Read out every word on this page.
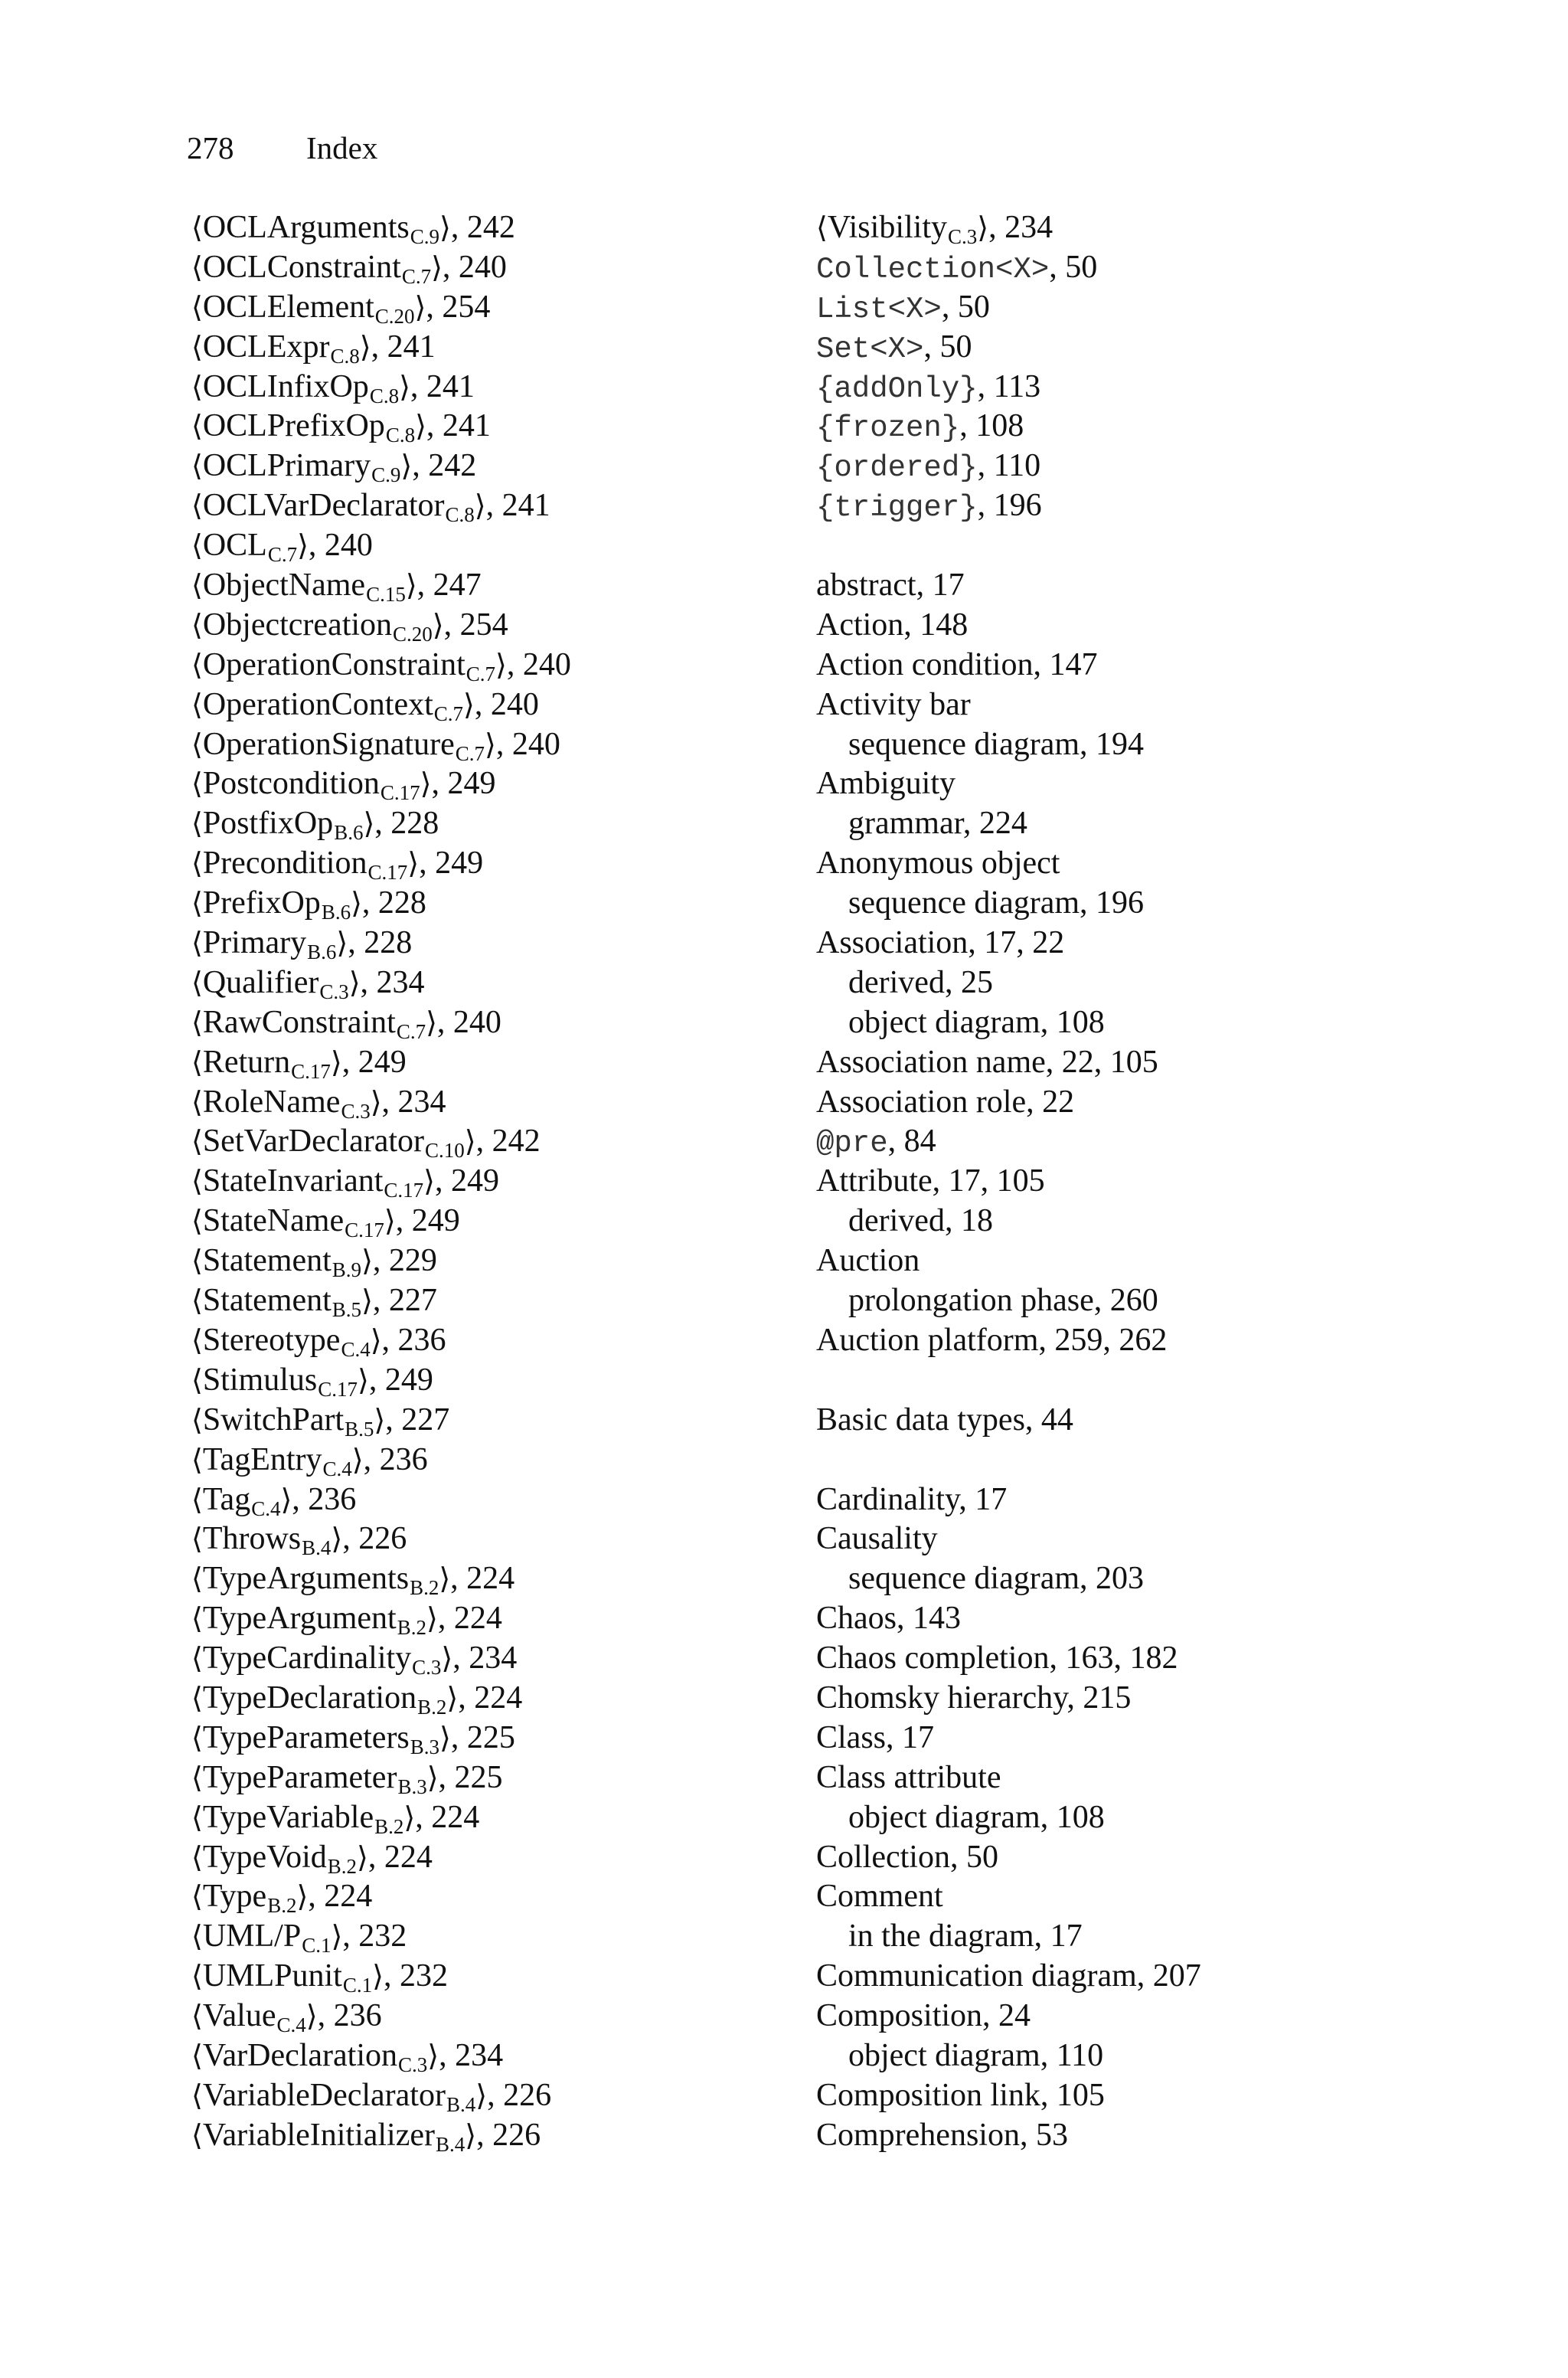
278 Index
⟨OCLArguments$_{C.9}$⟩, 242
⟨OCLConstraint$_{C.7}$⟩, 240
⟨OCLElement$_{C.20}$⟩, 254
⟨OCLExpr$_{C.8}$⟩, 241
⟨OCLInfixOp$_{C.8}$⟩, 241
⟨OCLPrefixOp$_{C.8}$⟩, 241
⟨OCLPrimary$_{C.9}$⟩, 242
⟨OCLVarDeclarator$_{C.8}$⟩, 241
$⟨OCL_{C.7}⟩$, 240
⟨ObjectName$_{C.15}$⟩, 247
⟨Objectcreation$_{C.20}$⟩, 254
⟨OperationConstraint$_{C.7}$⟩, 240
⟨OperationContext$_{C.7}$⟩, 240
⟨OperationSignature$_{C.7}$⟩, 240
⟨Postcondition$_{C.17}$⟩, 249
⟨PostfixOp$_{B.6}$⟩, 228
⟨Precondition$_{C.17}$⟩, 249
⟨PrefixOp$_{B.6}$⟩, 228
⟨Primary$_{B.6}$⟩, 228
⟨Qualifier$_{C.3}$⟩, 234
⟨RawConstraint$_{C.7}$⟩, 240
⟨Return$_{C.17}$⟩, 249
⟨RoleName$_{C.3}$⟩, 234
⟨SetVarDeclarator$_{C.10}$⟩, 242
⟨StateInvariant$_{C.17}$⟩, 249
⟨StateName$_{C.17}$⟩, 249
⟨Statement$_{B.9}$⟩, 229
⟨Statement$_{B.5}$⟩, 227
⟨Stereotype$_{C.4}$⟩, 236
⟨Stimulus$_{C.17}$⟩, 249
⟨SwitchPart$_{B.5}$⟩, 227
⟨TagEntry$_{C.4}$⟩, 236
⟨Tag$_{C.4}$⟩, 236
⟨Throws$_{B.4}$⟩, 226
⟨TypeArguments$_{B.2}$⟩, 224
⟨TypeArgument$_{B.2}$⟩, 224
⟨TypeCardinality$_{C.3}$⟩, 234
⟨TypeDeclaration$_{B.2}$⟩, 224
⟨TypeParameters$_{B.3}$⟩, 225
⟨TypeParameter$_{B.3}$⟩, 225
⟨TypeVariable$_{B.2}$⟩, 224
⟨TypeVoid$_{B.2}$⟩, 224
⟨Type$_{B.2}$⟩, 224
$⟨UML/P_{C.1}⟩$, 232
⟨UMLPunit$_{C.1}$⟩, 232
⟨Value$_{C.4}$⟩, 236
⟨VarDeclaration$_{C.3}$⟩, 234
⟨VariableDeclarator$_{B.4}$⟩, 226
⟨VariableInitializer$_{B.4}$⟩, 226
⟨Visibility$_{C.3}$⟩, 234
Collection<X>, 50
List<X>, 50
Set<X>, 50
{addOnly}, 113
{frozen}, 108
{ordered}, 110
{trigger}, 196
abstract, 17
Action, 148
Action condition, 147
Activity bar
sequence diagram, 194
Ambiguity
grammar, 224
Anonymous object
sequence diagram, 196
Association, 17, 22
derived, 25
object diagram, 108
Association name, 22, 105
Association role, 22
@pre, 84
Attribute, 17, 105
derived, 18
Auction
prolongation phase, 260
Auction platform, 259, 262
Basic data types, 44
Cardinality, 17
Causality
sequence diagram, 203
Chaos, 143
Chaos completion, 163, 182
Chomsky hierarchy, 215
Class, 17
Class attribute
object diagram, 108
Collection, 50
Comment
in the diagram, 17
Communication diagram, 207
Composition, 24
object diagram, 110
Composition link, 105
Comprehension, 53
